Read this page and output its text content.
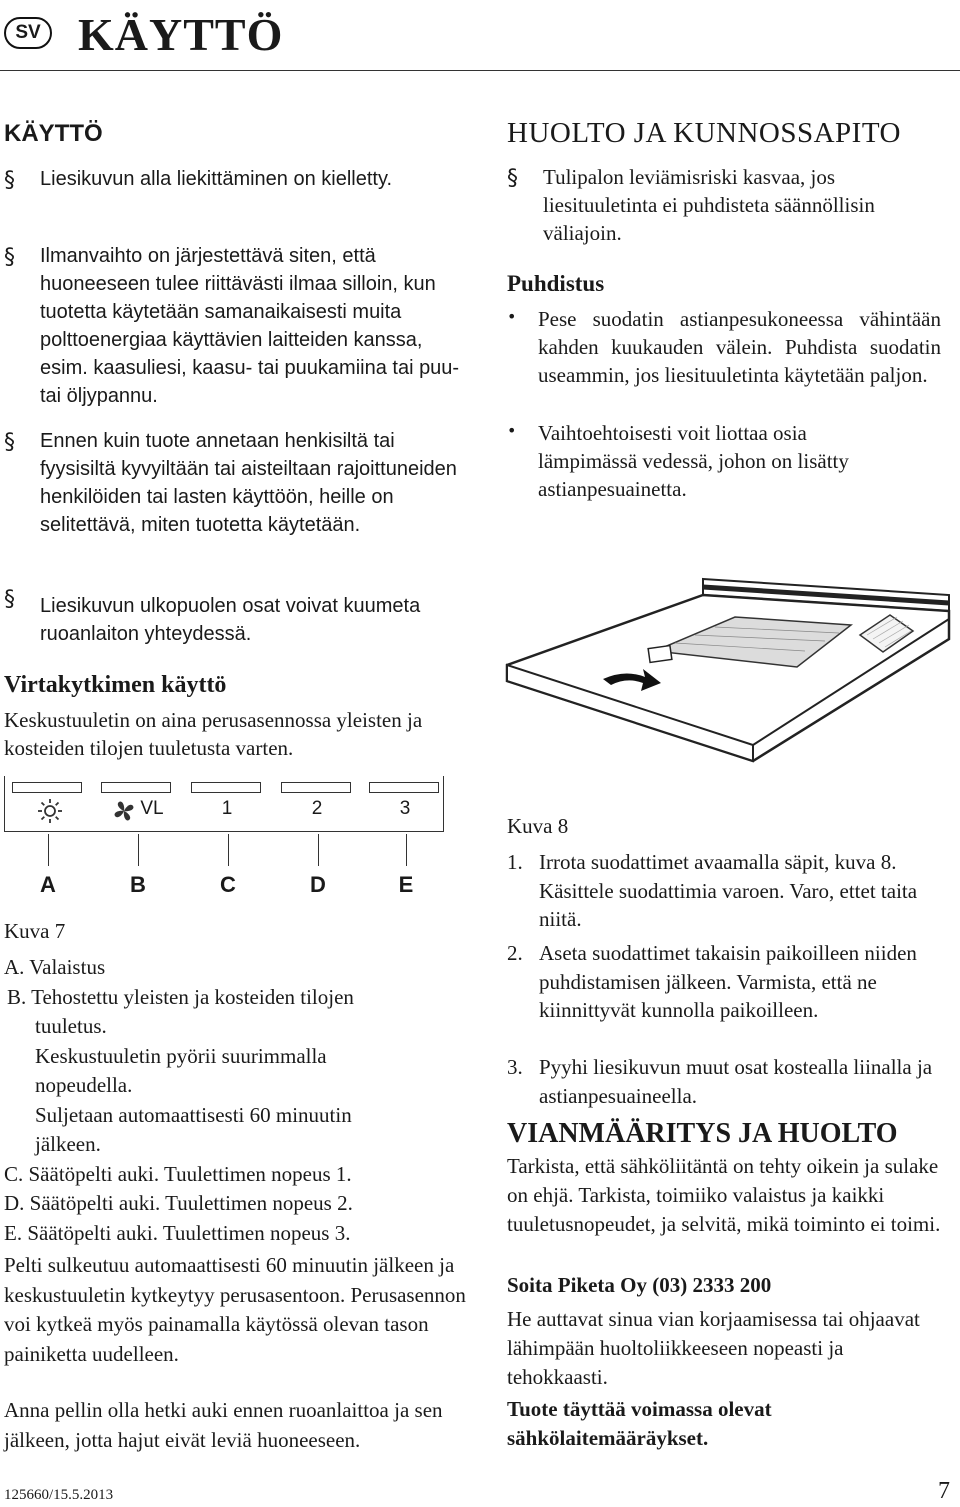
SV KÄYTTÖ
KÄYTTÖ
§ Liesikuvun alla liekittäminen on kielletty.

§ Ilmanvaihto on järjestettävä siten, että huoneeseen tulee riittävästi ilmaa silloin, kun tuotetta käytetään samanaikaisesti muita polttoenergiaa käyttävien laitteiden kanssa, esim. kaasuliesi, kaasu- tai puukamiina tai puu- tai öljypannu.

§ Ennen kuin tuote annetaan henkisiltä tai fyysisiltä kyvyiltään tai aisteiltaan rajoittuneiden henkilöiden tai lasten käyttöön, heille on selitettävä, miten tuotetta käytetään.

§ Liesikuvun ulkopuolen osat voivat kuumeta ruoanlaiton yhteydessä.

Virtakytkimen käyttö

Keskustuuletin on aina perusasennossa yleisten ja kosteiden tilojen tuuletusta varten.

VL	1	2	3
A	B	C	D	E
Kuva 7
A. Valaistus
B. Tehostettu yleisten ja kosteiden tilojen
tuuletus.
Keskustuuletin pyörii suurimmalla
nopeudella.
Suljetaan automaattisesti 60 minuutin
jälkeen.
C. Säätöpelti auki. Tuulettimen nopeus 1.
D. Säätöpelti auki. Tuulettimen nopeus 2.
E. Säätöpelti auki. Tuulettimen nopeus 3.

Pelti sulkeutuu automaattisesti 60 minuutin jälkeen ja keskustuuletin kytkeytyy perusasentoon. Perusasennon voi kytkeä myös painamalla käytössä olevan tason painiketta uudelleen.

Anna pellin olla hetki auki ennen ruoanlaittoa ja sen jälkeen, jotta hajut eivät leviä huoneeseen.

HUOLTO JA KUNNOSSAPITO
§ Tulipalon leviämisriski kasvaa, jos liesituuletinta ei puhdisteta säännöllisin väliajoin.

Puhdistus
• Pese suodatin astianpesukoneessa vähintään kahden kuukauden välein. Puhdista suodatin useammin, jos liesituuletinta käytetään paljon.

• Vaihtoehtoisesti voit liottaa osia lämpimässä vedessä, johon on lisätty astianpesuainetta.

Kuva 8
1. Irrota suodattimet avaamalla säpit, kuva 8. Käsittele suodattimia varoen. Varo, ettet taita niitä.

2. Aseta suodattimet takaisin paikoilleen niiden puhdistamisen jälkeen. Varmista, että ne kiinnittyvät kunnolla paikoilleen.

3. Pyyhi liesikuvun muut osat kostealla liinalla ja astianpesuaineella.

VIANMÄÄRITYS JA HUOLTO

Tarkista, että sähköliitäntä on tehty oikein ja sulake on ehjä. Tarkista, toimiiko valaistus ja kaikki tuuletusnopeudet, ja selvitä, mikä toiminto ei toimi.

Soita Piketa Oy (03) 2333 200

He auttavat sinua vian korjaamisessa tai ohjaavat lähimpään huoltoliikkeeseen nopeasti ja tehokkaasti.

Tuote täyttää voimassa olevat sähkölaitemääräykset.

125660/15.5.2013	7
